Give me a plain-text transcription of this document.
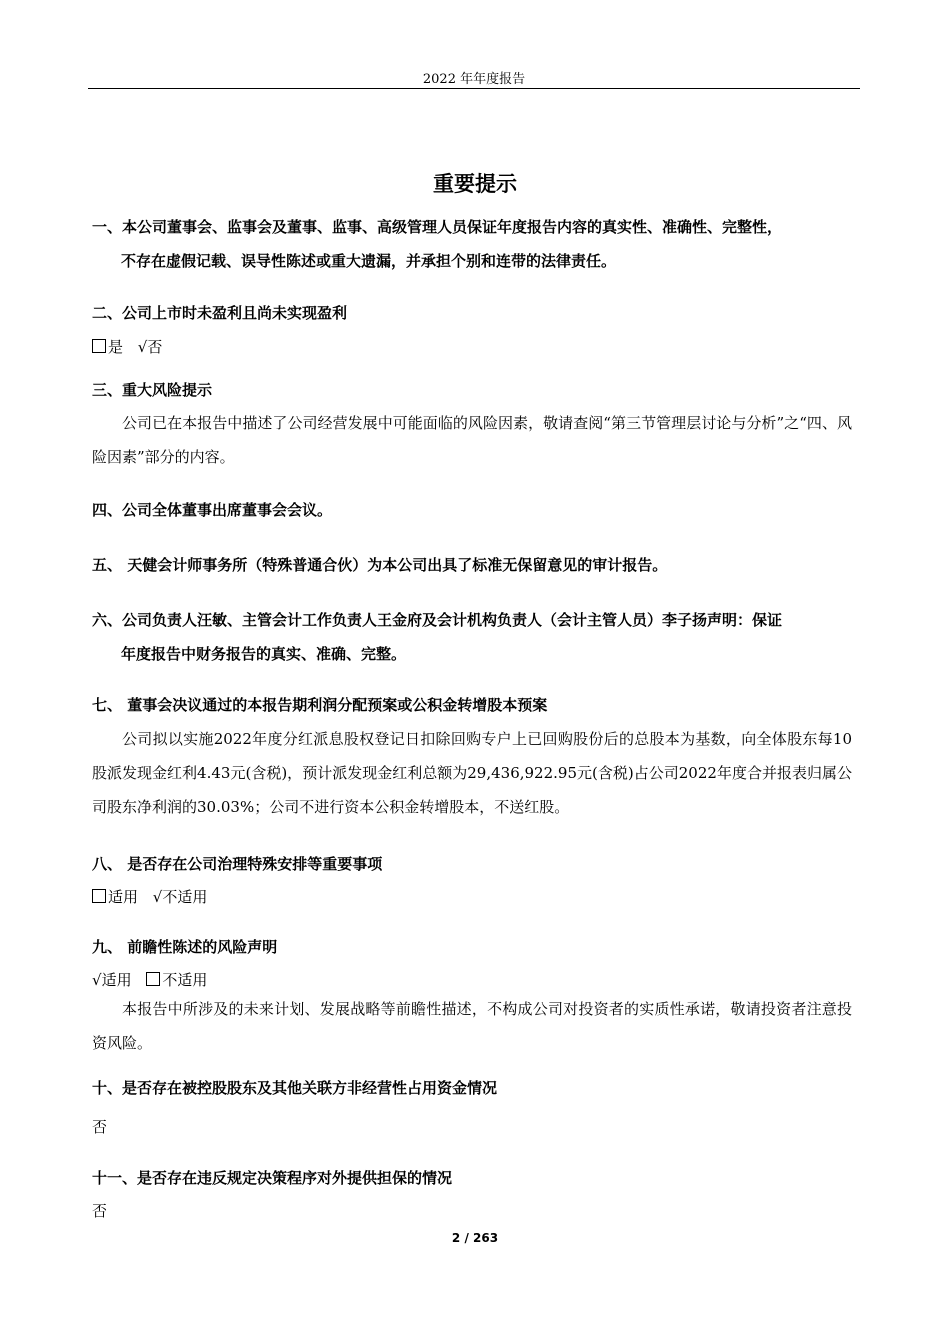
2022 年年度报告
重要提示
一、本公司董事会、监事会及董事、监事、高级管理人员保证年度报告内容的真实性、准确性、完整性，
不存在虚假记载、误导性陈述或重大遗漏，并承担个别和连带的法律责任。
二、公司上市时未盈利且尚未实现盈利
是 √否
三、重大风险提示
公司已在本报告中描述了公司经营发展中可能面临的风险因素，敬请查阅“第三节管理层讨论与分析”之“四、风险因素”部分的内容。
四、公司全体董事出席董事会会议。
五、 天健会计师事务所（特殊普通合伙）为本公司出具了标准无保留意见的审计报告。
六、公司负责人汪敏、主管会计工作负责人王金府及会计机构负责人（会计主管人员）李子扬声明：保证
年度报告中财务报告的真实、准确、完整。
七、 董事会决议通过的本报告期利润分配预案或公积金转增股本预案
公司拟以实施2022年度分红派息股权登记日扣除回购专户上已回购股份后的总股本为基数，向全体股东每10股派发现金红利4.43元(含税)，预计派发现金红利总额为29,436,922.95元(含税)占公司2022年度合并报表归属公司股东净利润的30.03%；公司不进行资本公积金转增股本，不送红股。
八、 是否存在公司治理特殊安排等重要事项
适用 √不适用
九、 前瞻性陈述的风险声明
√适用 不适用
本报告中所涉及的未来计划、发展战略等前瞻性描述，不构成公司对投资者的实质性承诺，敬请投资者注意投资风险。
十、是否存在被控股股东及其他关联方非经营性占用资金情况
否
十一、是否存在违反规定决策程序对外提供担保的情况
否
2 / 263
